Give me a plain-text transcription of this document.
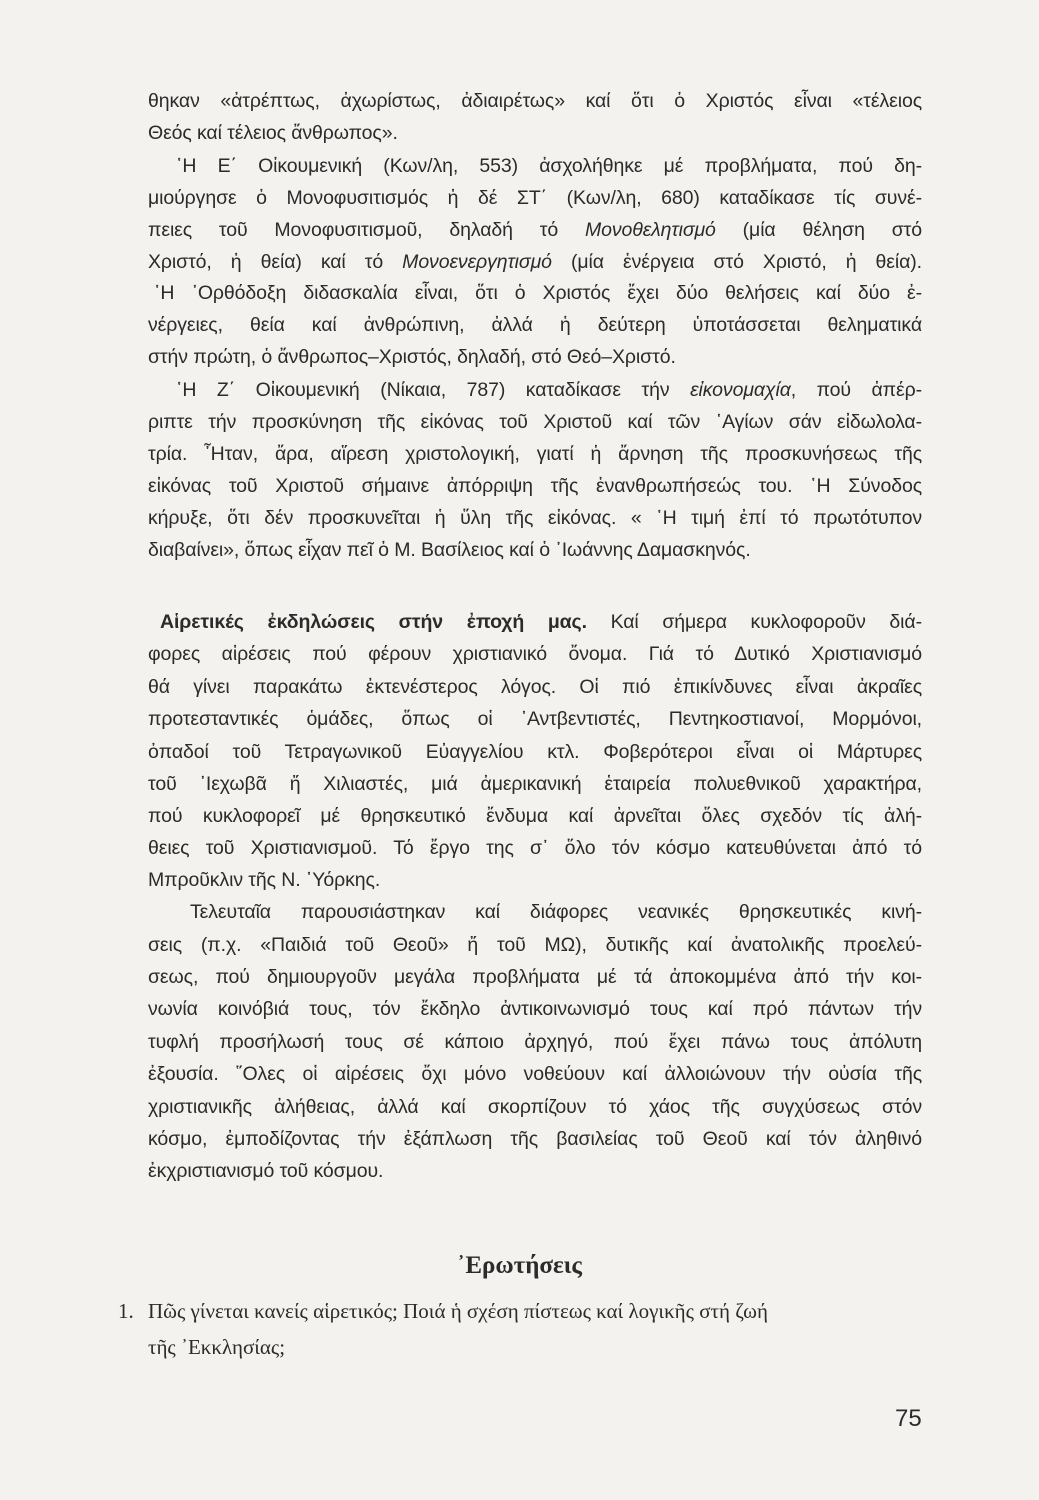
θηκαν «ἀτρέπτως, ἀχωρίστως, ἀδιαιρέτως» καί ὅτι ὁ Χριστός εἶναι «τέλειος
Θεός καί τέλειος ἄνθρωπος».
῾Η Ε΄ Οἰκουμενική (Κων/λη, 553) ἀσχολήθηκε μέ προβλήματα, πού δη-
μιούργησε ὁ Μονοφυσιτισμός ἡ δέ ΣΤ΄ (Κων/λη, 680) καταδίκασε τίς συνέ-
πειες τοῦ Μονοφυσιτισμοῦ, δηλαδή τό Μονοθελητισμό (μία θέληση στό
Χριστό, ἡ θεία) καί τό Μονοενεργητισμό (μία ἐνέργεια στό Χριστό, ἡ θεία).
῾Η ᾿Ορθόδοξη διδασκαλία εἶναι, ὅτι ὁ Χριστός ἔχει δύο θελήσεις καί δύο ἐ-
νέργειες, θεία καί ἀνθρώπινη, ἀλλά ἡ δεύτερη ὑποτάσσεται θεληματικά
στήν πρώτη, ὁ ἄνθρωπος–Χριστός, δηλαδή, στό Θεό–Χριστό.
῾Η Ζ΄ Οἰκουμενική (Νίκαια, 787) καταδίκασε τήν εἰκονομαχία, πού ἀπέρ-
ριπτε τήν προσκύνηση τῆς εἰκόνας τοῦ Χριστοῦ καί τῶν ῾Αγίων σάν εἰδωλολα-
τρία. ῏Ηταν, ἄρα, αἵρεση χριστολογική, γιατί ἡ ἄρνηση τῆς προσκυνήσεως τῆς
εἰκόνας τοῦ Χριστοῦ σήμαινε ἀπόρριψη τῆς ἐνανθρωπήσεώς του. ῾Η Σύνοδος
κήρυξε, ὅτι δέν προσκυνεῖται ἡ ὕλη τῆς εἰκόνας. « ῾Η τιμή ἐπί τό πρωτότυπον
διαβαίνει», ὅπως εἶχαν πεῖ ὁ Μ. Βασίλειος καί ὁ ᾿Ιωάννης Δαμασκηνός.
Αἱρετικές ἐκδηλώσεις στήν ἐποχή μας. Καί σήμερα κυκλοφοροῦν διά-
φορες αἱρέσεις πού φέρουν χριστιανικό ὄνομα. Γιά τό Δυτικό Χριστιανισμό
θά γίνει παρακάτω ἐκτενέστερος λόγος. Οἱ πιό ἐπικίνδυνες εἶναι ἀκραῖες
προτεσταντικές ὁμάδες, ὅπως οἱ ᾿Αντβεντιστές, Πεντηκοστιανοί, Μορμόνοι,
ὀπαδοί τοῦ Τετραγωνικοῦ Εὐαγγελίου κτλ. Φοβερότεροι εἶναι οἱ Μάρτυρες
τοῦ ᾿Ιεχωβᾶ ἤ Χιλιαστές, μιά ἀμερικανική ἑταιρεία πολυεθνικοῦ χαρακτήρα,
πού κυκλοφορεῖ μέ θρησκευτικό ἔνδυμα καί ἀρνεῖται ὅλες σχεδόν τίς ἀλή-
θειες τοῦ Χριστιανισμοῦ. Τό ἔργο της σ᾿ ὅλο τόν κόσμο κατευθύνεται ἀπό τό
Μπροῦκλιν τῆς Ν. ῾Υόρκης.
Τελευταῖα παρουσιάστηκαν καί διάφορες νεανικές θρησκευτικές κινή-
σεις (π.χ. «Παιδιά τοῦ Θεοῦ» ἤ τοῦ ΜΩ), δυτικῆς καί ἀνατολικῆς προελεύ-
σεως, πού δημιουργοῦν μεγάλα προβλήματα μέ τά ἀποκομμένα ἀπό τήν κοι-
νωνία κοινόβιά τους, τόν ἔκδηλο ἀντικοινωνισμό τους καί πρό πάντων τήν
τυφλή προσήλωσή τους σέ κάποιο ἀρχηγό, πού ἔχει πάνω τους ἀπόλυτη
ἐξουσία. ῞Ολες οἱ αἱρέσεις ὄχι μόνο νοθεύουν καί ἀλλοιώνουν τήν οὐσία τῆς
χριστιανικῆς ἀλήθειας, ἀλλά καί σκορπίζουν τό χάος τῆς συγχύσεως στόν
κόσμο, ἐμποδίζοντας τήν ἐξάπλωση τῆς βασιλείας τοῦ Θεοῦ καί τόν ἀληθινό
ἐκχριστιανισμό τοῦ κόσμου.
᾿Ερωτήσεις
1. Πῶς γίνεται κανείς αἱρετικός; Ποιά ἡ σχέση πίστεως καί λογικῆς στή ζωή
τῆς ᾿Εκκλησίας;
75
